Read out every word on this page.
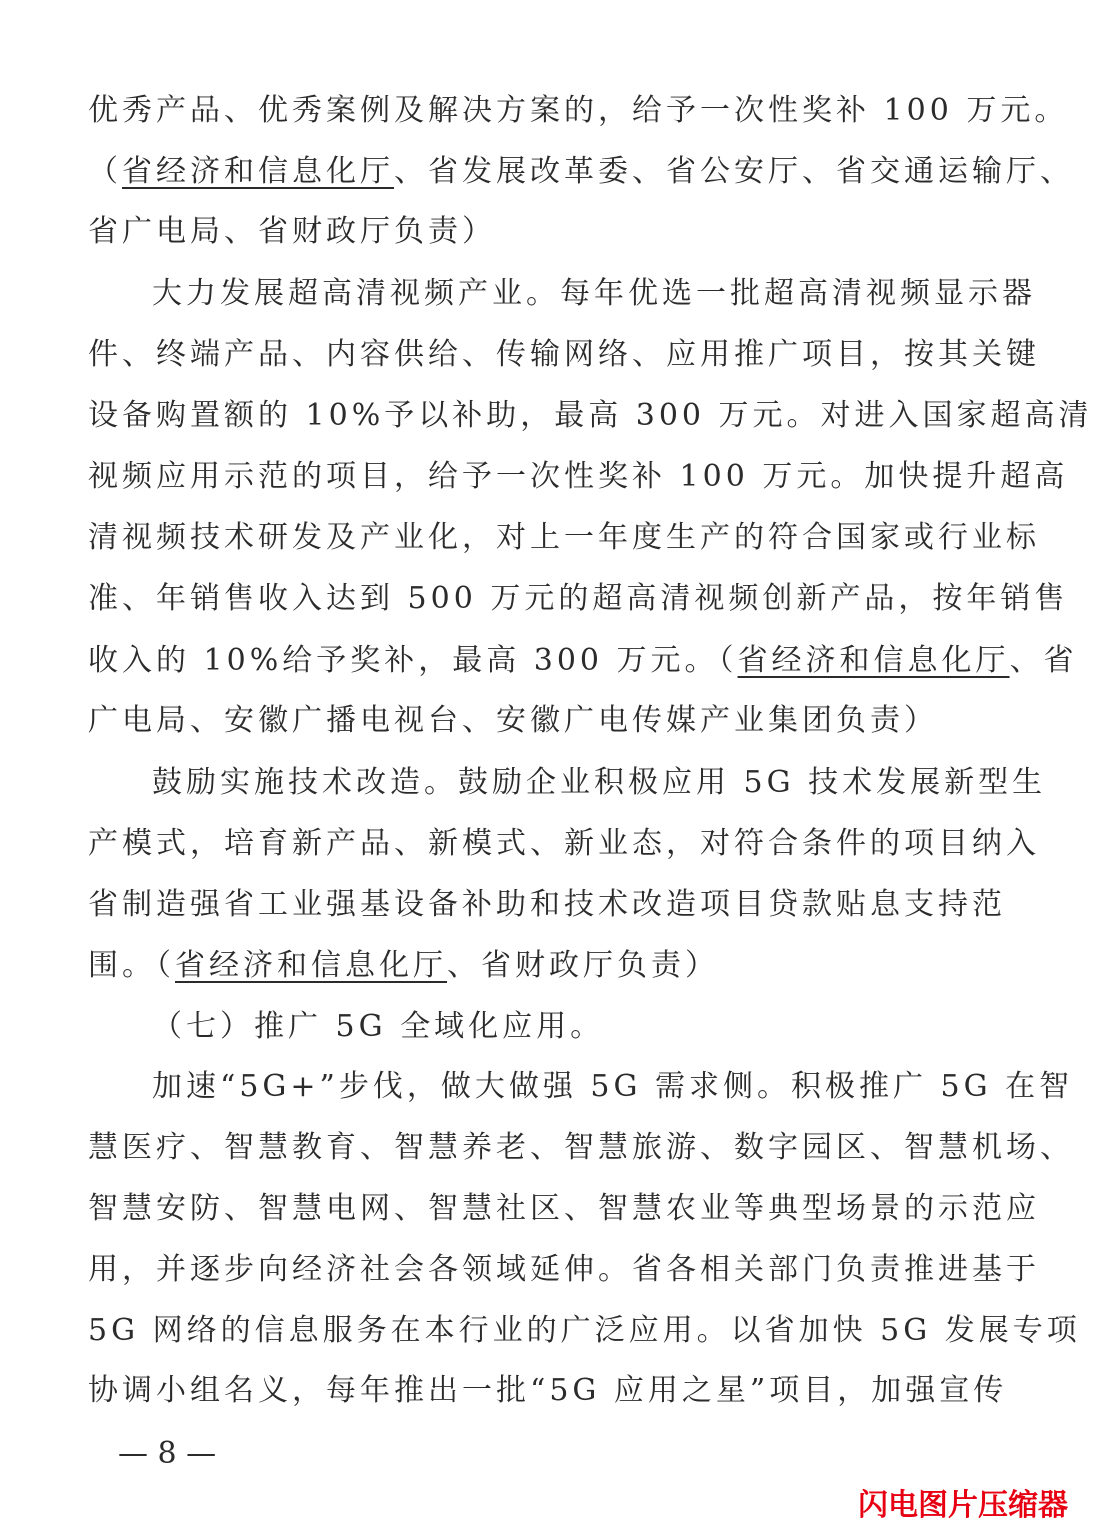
优秀产品、优秀案例及解决方案的，给予一次性奖补 100 万元。
（省经济和信息化厅、省发展改革委、省公安厅、省交通运输厅、
省广电局、省财政厅负责）
大力发展超高清视频产业。每年优选一批超高清视频显示器
件、终端产品、内容供给、传输网络、应用推广项目，按其关键
设备购置额的 10%予以补助，最高 300 万元。对进入国家超高清
视频应用示范的项目，给予一次性奖补 100 万元。加快提升超高
清视频技术研发及产业化，对上一年度生产的符合国家或行业标
准、年销售收入达到 500 万元的超高清视频创新产品，按年销售
收入的 10%给予奖补，最高 300 万元。（省经济和信息化厅、省
广电局、安徽广播电视台、安徽广电传媒产业集团负责）
鼓励实施技术改造。鼓励企业积极应用 5G 技术发展新型生
产模式，培育新产品、新模式、新业态，对符合条件的项目纳入
省制造强省工业强基设备补助和技术改造项目贷款贴息支持范
围。（省经济和信息化厅、省财政厅负责）
（七）推广 5G 全域化应用。
加速“5G+”步伐，做大做强 5G 需求侧。积极推广 5G 在智
慧医疗、智慧教育、智慧养老、智慧旅游、数字园区、智慧机场、
智慧安防、智慧电网、智慧社区、智慧农业等典型场景的示范应
用，并逐步向经济社会各领域延伸。省各相关部门负责推进基于
5G 网络的信息服务在本行业的广泛应用。以省加快 5G 发展专项
协调小组名义，每年推出一批“5G 应用之星”项目，加强宣传
— 8 —
闪电图片压缩器
